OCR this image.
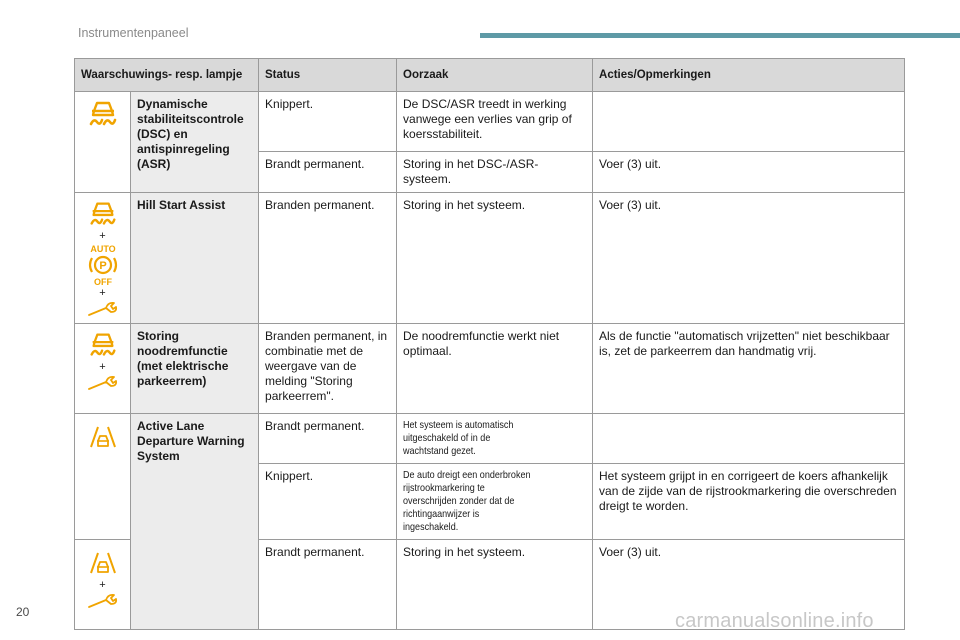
Instrumentenpaneel
Waarschuwings- resp. lampje		Status	Oorzaak	Acties/Opmerkingen

	Dynamische stabiliteitscontrole (DSC) en antispinregeling (ASR)	Knippert.	De DSC/ASR treedt in werking vanwege een verlies van grip of koersstabiliteit.	
		Brandt permanent.	Storing in het DSC-/ASR-systeem.	Voer (3) uit.

+
AUTO
P
OFF
+	Hill Start Assist	Branden permanent.	Storing in het systeem.	Voer (3) uit.

+	Storing noodremfunctie (met elektrische parkeerrem)	Branden permanent, in combinatie met de weergave van de melding "Storing parkeerrem".	De noodremfunctie werkt niet optimaal.	Als de functie "automatisch vrijzetten" niet beschikbaar is, zet de parkeerrem dan handmatig vrij.

	Active Lane Departure Warning System	Brandt permanent.	Het systeem is automatisch uitgeschakeld of in de wachtstand gezet.	
		Knippert.	De auto dreigt een onderbroken rijstrookmarkering te overschrijden zonder dat de richtingaanwijzer is ingeschakeld.	Het systeem grijpt in en corrigeert de koers afhankelijk van de zijde van de rijstrookmarkering die overschreden dreigt te worden.

+		Brandt permanent.	Storing in het systeem.	Voer (3) uit.
20	carmanualsonline.info
